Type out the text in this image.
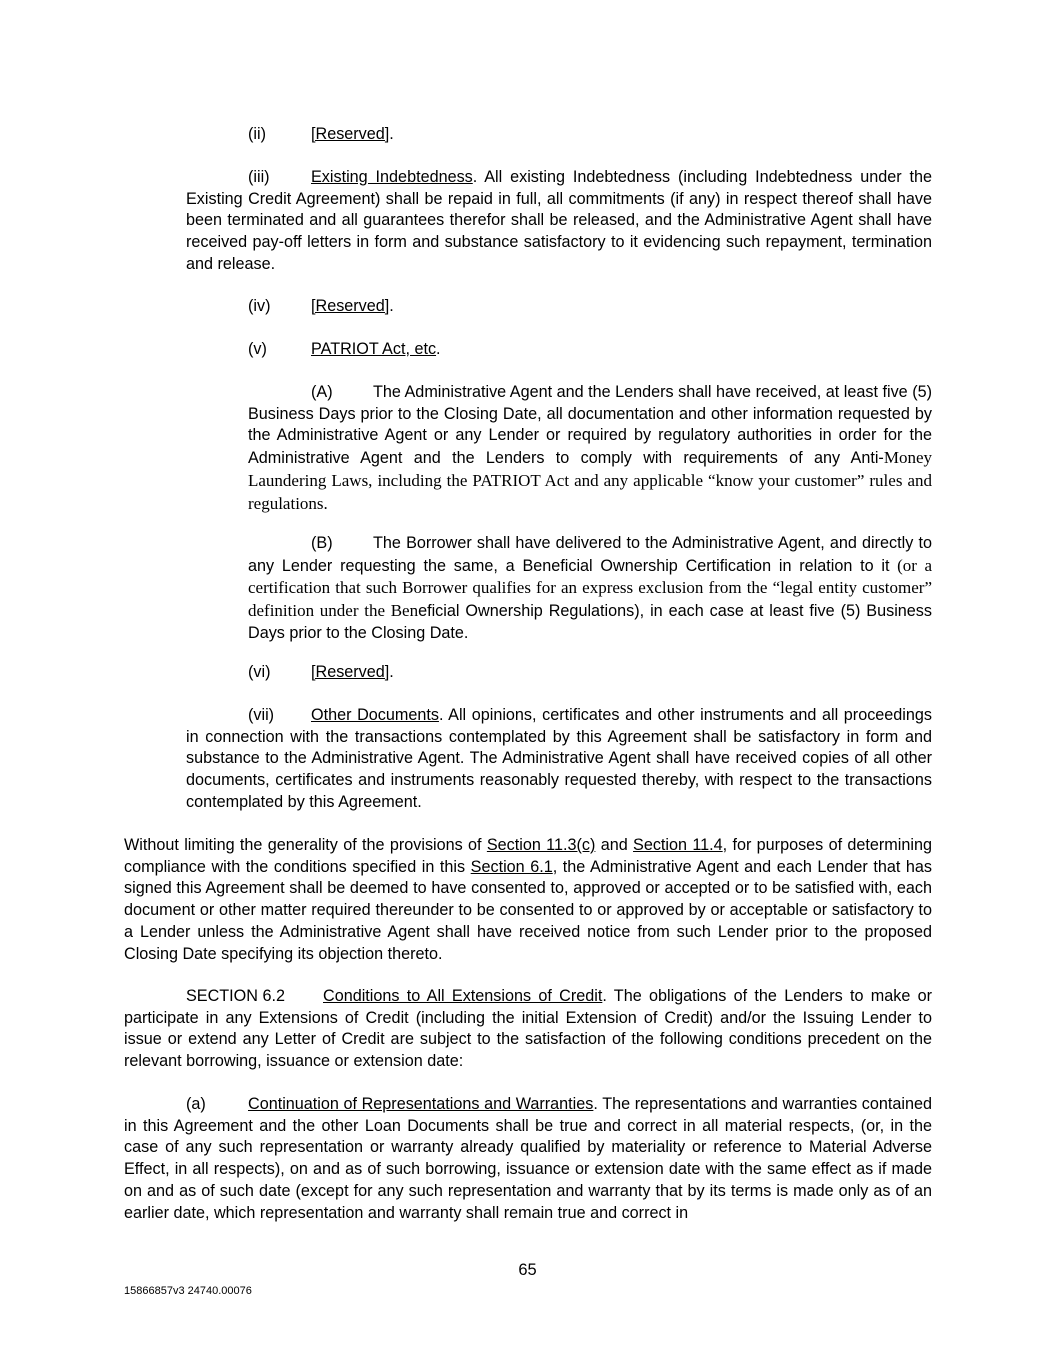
(ii)	[Reserved].

(iii)	Existing Indebtedness. All existing Indebtedness (including Indebtedness under the Existing Credit Agreement) shall be repaid in full, all commitments (if any) in respect thereof shall have been terminated and all guarantees therefor shall be released, and the Administrative Agent shall have received pay-off letters in form and substance satisfactory to it evidencing such repayment, termination and release.

(iv)	[Reserved].

(v)	PATRIOT Act, etc.

(A) The Administrative Agent and the Lenders shall have received, at least five (5) Business Days prior to the Closing Date, all documentation and other information requested by the Administrative Agent or any Lender or required by regulatory authorities in order for the Administrative Agent and the Lenders to comply with requirements of any Anti-Money Laundering Laws, including the PATRIOT Act and any applicable “know your customer” rules and regulations.

(B) The Borrower shall have delivered to the Administrative Agent, and directly to any Lender requesting the same, a Beneficial Ownership Certification in relation to it (or a certification that such Borrower qualifies for an express exclusion from the “legal entity customer” definition under the Beneficial Ownership Regulations), in each case at least five (5) Business Days prior to the Closing Date.

(vi)	[Reserved].

(vii) Other Documents. All opinions, certificates and other instruments and all proceedings in connection with the transactions contemplated by this Agreement shall be satisfactory in form and substance to the Administrative Agent. The Administrative Agent shall have received copies of all other documents, certificates and instruments reasonably requested thereby, with respect to the transactions contemplated by this Agreement.

Without limiting the generality of the provisions of Section 11.3(c) and Section 11.4, for purposes of determining compliance with the conditions specified in this Section 6.1, the Administrative Agent and each Lender that has signed this Agreement shall be deemed to have consented to, approved or accepted or to be satisfied with, each document or other matter required thereunder to be consented to or approved by or acceptable or satisfactory to a Lender unless the Administrative Agent shall have received notice from such Lender prior to the proposed Closing Date specifying its objection thereto.

SECTION 6.2 Conditions to All Extensions of Credit. The obligations of the Lenders to make or participate in any Extensions of Credit (including the initial Extension of Credit) and/or the Issuing Lender to issue or extend any Letter of Credit are subject to the satisfaction of the following conditions precedent on the relevant borrowing, issuance or extension date:

(a)	Continuation of Representations and Warranties. The representations and warranties contained in this Agreement and the other Loan Documents shall be true and correct in all material respects, (or, in the case of any such representation or warranty already qualified by materiality or reference to Material Adverse Effect, in all respects), on and as of such borrowing, issuance or extension date with the same effect as if made on and as of such date (except for any such representation and warranty that by its terms is made only as of an earlier date, which representation and warranty shall remain true and correct in

65
15866857v3 24740.00076
